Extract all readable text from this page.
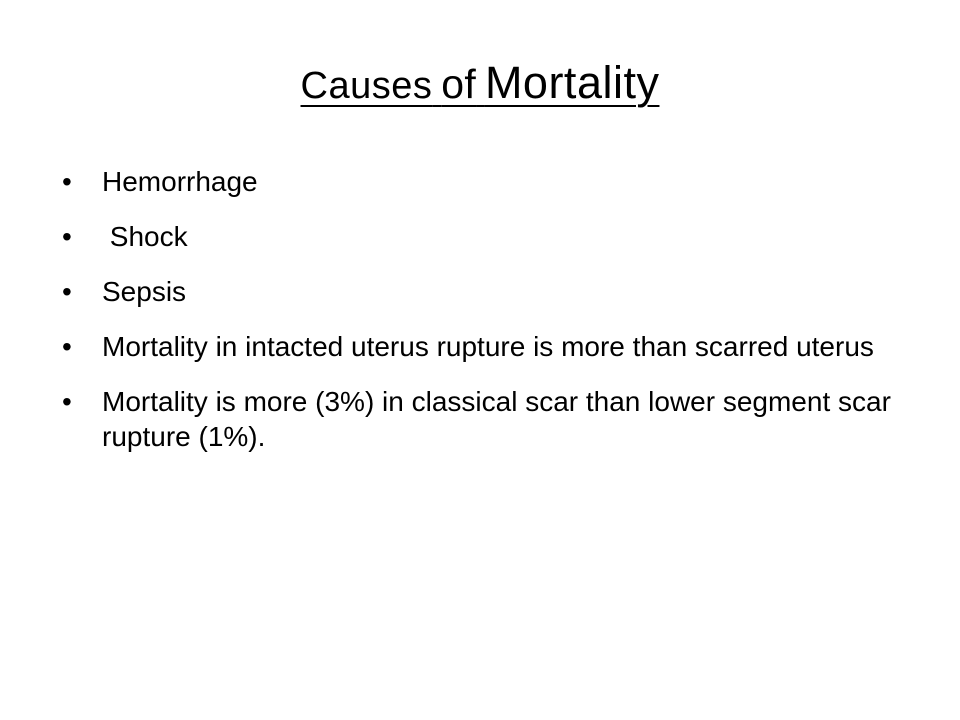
Causes of Mortality
• Hemorrhage
• Shock
• Sepsis
• Mortality in intacted uterus rupture is more than scarred uterus
• Mortality is more (3%) in classical scar than lower segment scar rupture (1%).
